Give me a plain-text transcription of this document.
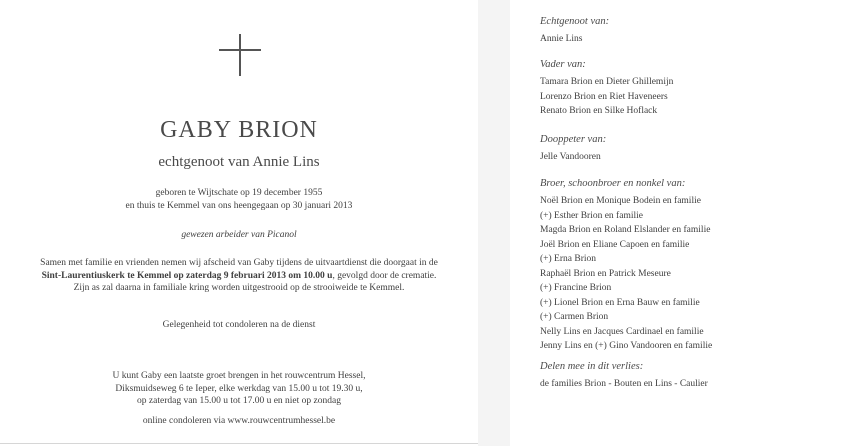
GABY BRION
echtgenoot van Annie Lins
geboren te Wijtschate op 19 december 1955
en thuis te Kemmel van ons heengegaan op 30 januari 2013
gewezen arbeider van Picanol
Samen met familie en vrienden nemen wij afscheid van Gaby tijdens de uitvaartdienst die doorgaat in de
Sint-Laurentiuskerk te Kemmel op zaterdag 9 februari 2013 om 10.00 u, gevolgd door de crematie.
Zijn as zal daarna in familiale kring worden uitgestrooid op de strooiweide te Kemmel.
Gelegenheid tot condoleren na de dienst
U kunt Gaby een laatste groet brengen in het rouwcentrum Hessel,
Diksmuidseweg 6 te Ieper, elke werkdag van 15.00 u tot 19.30 u,
op zaterdag van 15.00 u tot 17.00 u en niet op zondag
online condoleren via www.rouwcentrumhessel.be
Echtgenoot van:
Annie Lins
Vader van:
Tamara Brion en Dieter Ghillemijn
Lorenzo Brion en Riet Haveneers
Renato Brion en Silke Hoflack
Dooppeter van:
Jelle Vandooren
Broer, schoonbroer en nonkel van:
Noël Brion en Monique Bodein en familie
(+) Esther Brion en familie
Magda Brion en Roland Elslander en familie
Joël Brion en Eliane Capoen en familie
(+) Erna Brion
Raphaël Brion en Patrick Meseure
(+) Francine Brion
(+) Lionel Brion en Erna Bauw en familie
(+) Carmen Brion
Nelly Lins en Jacques Cardinael en familie
Jenny Lins en (+) Gino Vandooren en familie
Delen mee in dit verlies:
de families Brion - Bouten en Lins - Caulier
